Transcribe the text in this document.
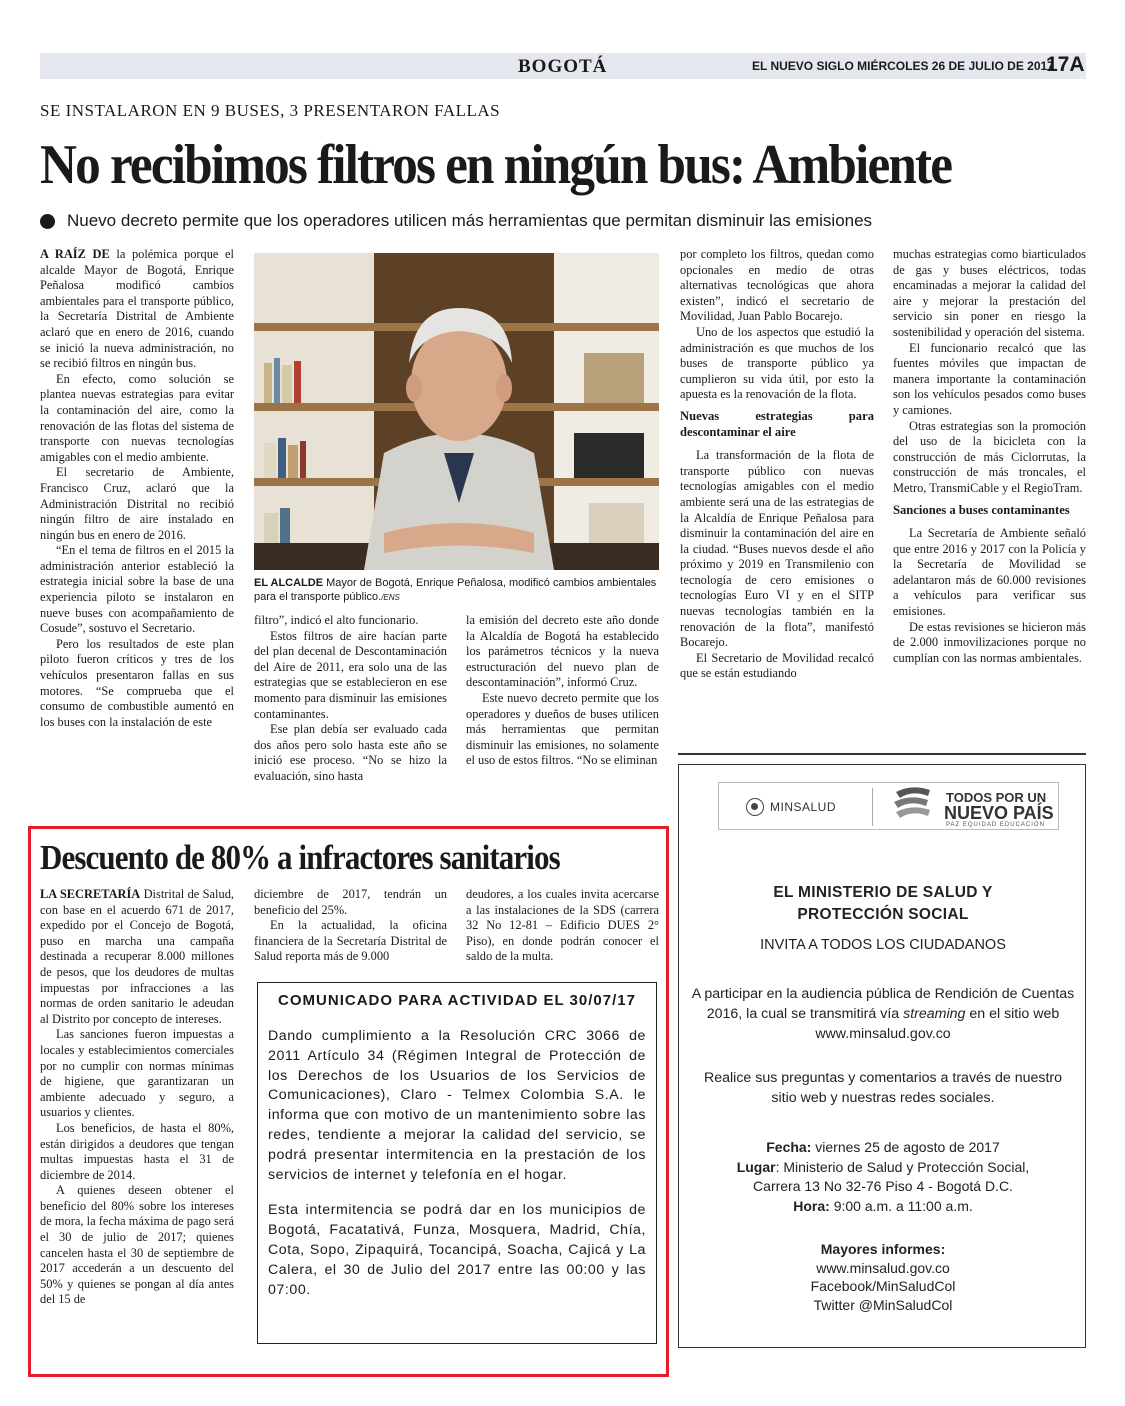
BOGOTÁ	EL NUEVO SIGLO MIÉRCOLES 26 DE JULIO DE 2017
17A
SE INSTALARON EN 9 BUSES, 3 PRESENTARON FALLAS
No recibimos filtros en ningún bus: Ambiente
Nuevo decreto permite que los operadores utilicen más herramientas que permitan disminuir las emisiones

A RAÍZ DE la polémica porque el alcalde Mayor de Bogotá, Enrique Peñalosa modificó cambios ambientales para el transporte público, la Secretaría Distrital de Ambiente aclaró que en enero de 2016, cuando se inició la nueva administración, no se recibió filtros en ningún bus.

En efecto, como solución se plantea nuevas estrategias para evitar la contaminación del aire, como la renovación de las flotas del sistema de transporte con nuevas tecnologías amigables con el medio ambiente.

El secretario de Ambiente, Francisco Cruz, aclaró que la Administración Distrital no recibió ningún filtro de aire instalado en ningún bus en enero de 2016.

“En el tema de filtros en el 2015 la administración anterior estableció la estrategia inicial sobre la base de una experiencia piloto se instalaron en nueve buses con acompañamiento de Cosude”, sostuvo el Secretario.

Pero los resultados de este plan piloto fueron críticos y tres de los vehículos presentaron fallas en sus motores. “Se comprueba que el consumo de combustible aumentó en los buses con la instalación de este

EL ALCALDE Mayor de Bogotá, Enrique Peñalosa, modificó cambios ambientales para el transporte público./ENS

filtro”, indicó el alto funcionario.

Estos filtros de aire hacían parte del plan decenal de Descontaminación del Aire de 2011, era solo una de las estrategias que se establecieron en ese momento para disminuir las emisiones contaminantes.

Ese plan debía ser evaluado cada dos años pero solo hasta este año se inició ese proceso. “No se hizo la evaluación, sino hasta

la emisión del decreto este año donde la Alcaldía de Bogotá ha establecido los parámetros técnicos y la nueva estructuración del nuevo plan de descontaminación”, informó Cruz.

Este nuevo decreto permite que los operadores y dueños de buses utilicen más herramientas que permitan disminuir las emisiones, no solamente el uso de estos filtros. “No se eliminan

por completo los filtros, quedan como opcionales en medio de otras alternativas tecnológicas que ahora existen”, indicó el secretario de Movilidad, Juan Pablo Bocarejo.

Uno de los aspectos que estudió la administración es que muchos de los buses de transporte público ya cumplieron su vida útil, por esto la apuesta es la renovación de la flota.

Nuevas estrategias para descontaminar el aire

La transformación de la flota de transporte público con nuevas tecnologías amigables con el medio ambiente será una de las estrategias de la Alcaldía de Enrique Peñalosa para disminuir la contaminación del aire en la ciudad. “Buses nuevos desde el año próximo y 2019 en Transmilenio con tecnología de cero emisiones o tecnologías Euro VI y en el SITP nuevas tecnologías también en la renovación de la flota”, manifestó Bocarejo.

El Secretario de Movilidad recalcó que se están estudiando

muchas estrategias como biarticulados de gas y buses eléctricos, todas encaminadas a mejorar la calidad del aire y mejorar la prestación del servicio sin poner en riesgo la sostenibilidad y operación del sistema.

El funcionario recalcó que las fuentes móviles que impactan de manera importante la contaminación son los vehículos pesados como buses y camiones.

Otras estrategias son la promoción del uso de la bicicleta con la construcción de más Ciclorrutas, la construcción de más troncales, el Metro, TransmiCable y el RegioTram.

Sanciones a buses contaminantes

La Secretaría de Ambiente señaló que entre 2016 y 2017 con la Policía y la Secretaría de Movilidad se adelantaron más de 60.000 revisiones a vehículos para verificar sus emisiones.

De estas revisiones se hicieron más de 2.000 inmovilizaciones porque no cumplían con las normas ambientales.

Descuento de 80% a infractores sanitarios

LA SECRETARÍA Distrital de Salud, con base en el acuerdo 671 de 2017, expedido por el Concejo de Bogotá, puso en marcha una campaña destinada a recuperar 8.000 millones de pesos, que los deudores de multas impuestas por infracciones a las normas de orden sanitario le adeudan al Distrito por concepto de intereses.

Las sanciones fueron impuestas a locales y establecimientos comerciales por no cumplir con normas mínimas de higiene, que garantizaran un ambiente adecuado y seguro, a usuarios y clientes.

Los beneficios, de hasta el 80%, están dirigidos a deudores que tengan multas impuestas hasta el 31 de diciembre de 2014.

A quienes deseen obtener el beneficio del 80% sobre los intereses de mora, la fecha máxima de pago será el 30 de julio de 2017; quienes cancelen hasta el 30 de septiembre de 2017 accederán a un descuento del 50% y quienes se pongan al día antes del 15 de

diciembre de 2017, tendrán un beneficio del 25%.

En la actualidad, la oficina financiera de la Secretaría Distrital de Salud reporta más de 9.000

deudores, a los cuales invita acercarse a las instalaciones de la SDS (carrera 32 No 12-81 – Edificio DUES 2° Piso), en donde podrán conocer el saldo de la multa.

COMUNICADO PARA ACTIVIDAD EL 30/07/17

Dando cumplimiento a la Resolución CRC 3066 de 2011 Artículo 34 (Régimen Integral de Protección de los Derechos de los Usuarios de los Servicios de Comunicaciones), Claro - Telmex Colombia S.A. le informa que con motivo de un mantenimiento sobre las redes, tendiente a mejorar la calidad del servicio, se podrá presentar intermitencia en la prestación de los servicios de internet y telefonía en el hogar.

Esta intermitencia se podrá dar en los municipios de Bogotá, Facatativá, Funza, Mosquera, Madrid, Chía, Cota, Sopo, Zipaquirá, Tocancipá, Soacha, Cajicá y La Calera, el 30 de Julio del 2017 entre las 00:00 y las 07:00.

MINSALUD
TODOS POR UN
NUEVO PAÍS
PAZ EQUIDAD EDUCACIÓN
EL MINISTERIO DE SALUD Y
PROTECCIÓN SOCIAL
INVITA A TODOS LOS CIUDADANOS
A participar en la audiencia pública de Rendición de Cuentas 2016, la cual se transmitirá vía streaming en el sitio web www.minsalud.gov.co
Realice sus preguntas y comentarios a través de nuestro sitio web y nuestras redes sociales.
Fecha: viernes 25 de agosto de 2017
Lugar: Ministerio de Salud y Protección Social,
Carrera 13 No 32-76 Piso 4 - Bogotá D.C.
Hora: 9:00 a.m. a 11:00 a.m.
Mayores informes:
www.minsalud.gov.co
Facebook/MinSaludCol
Twitter @MinSaludCol
